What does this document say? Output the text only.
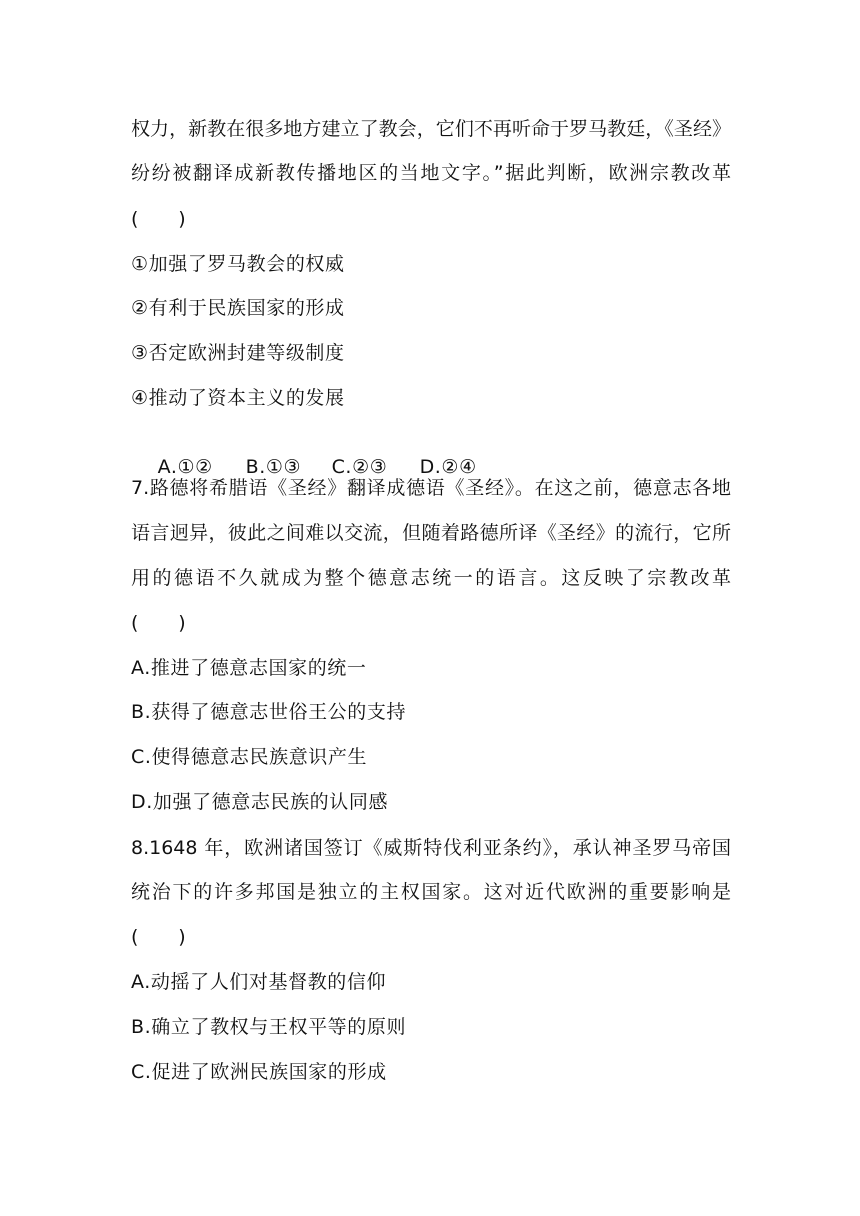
权力，新教在很多地方建立了教会，它们不再听命于罗马教廷，《圣经》
纷纷被翻译成新教传播地区的当地文字。”据此判断，欧洲宗教改革
(　　)
①加强了罗马教会的权威
②有利于民族国家的形成
③否定欧洲封建等级制度
④推动了资本主义的发展

A.①② B.①③ C.②③ D.②④

7.路德将希腊语《圣经》翻译成德语《圣经》。在这之前，德意志各地
语言迥异，彼此之间难以交流，但随着路德所译《圣经》的流行，它所
用的德语不久就成为整个德意志统一的语言。这反映了宗教改革
(　　)
A.推进了德意志国家的统一
B.获得了德意志世俗王公的支持
C.使得德意志民族意识产生
D.加强了德意志民族的认同感
8.1648 年，欧洲诸国签订《威斯特伐利亚条约》，承认神圣罗马帝国
统治下的许多邦国是独立的主权国家。这对近代欧洲的重要影响是
(　　)
A.动摇了人们对基督教的信仰
B.确立了教权与王权平等的原则
C.促进了欧洲民族国家的形成
